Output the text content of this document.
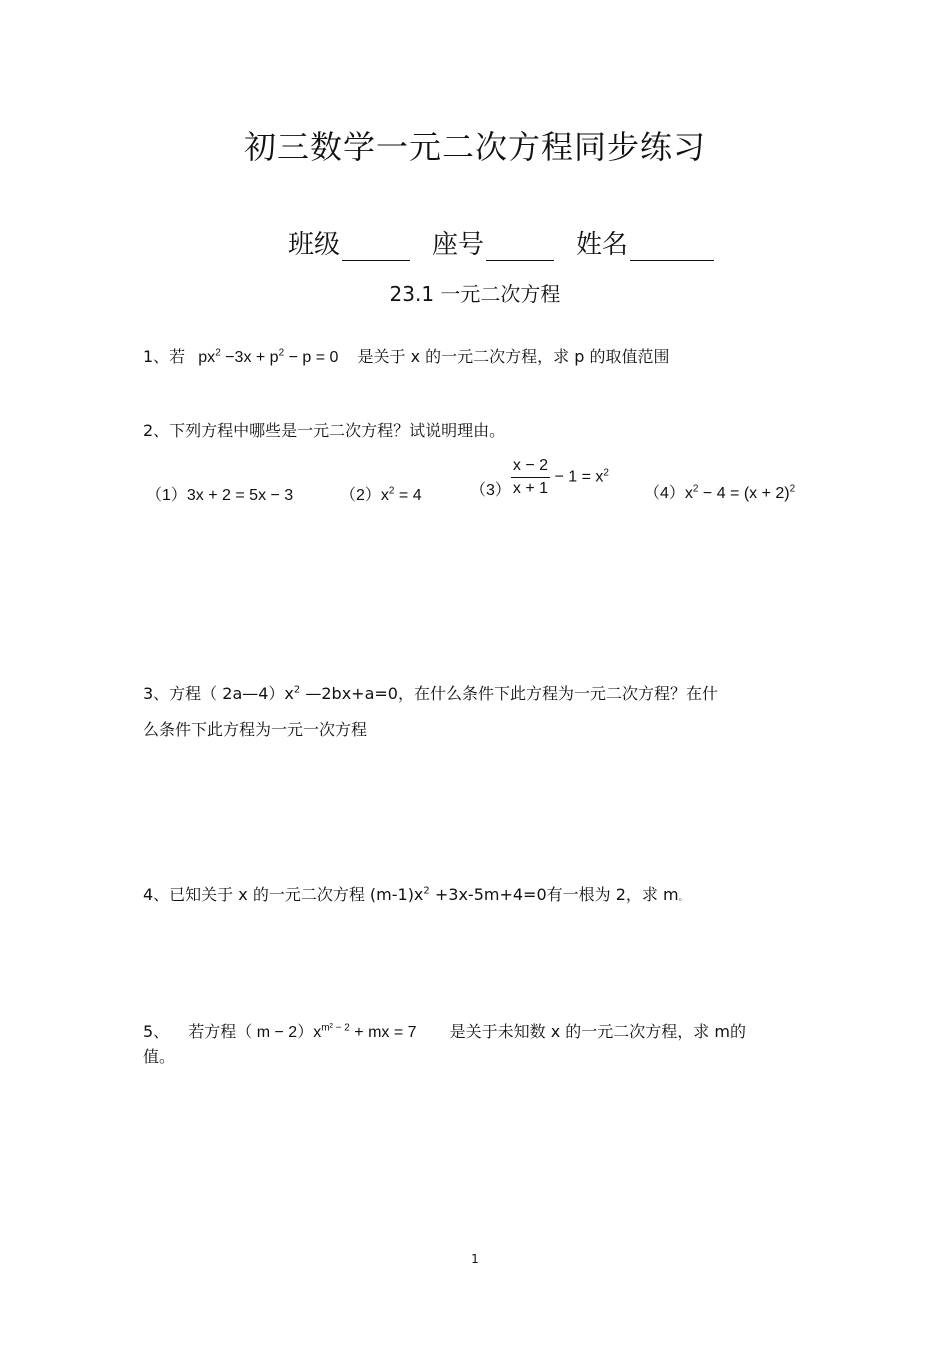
初三数学一元二次方程同步练习
班级	座号	姓名
23.1 一元二次方程
1、若 $px^2 -3x + p^2 - p = 0$ 是关于 x 的一元二次方程，求 p 的取值范围
2、下列方程中哪些是一元二次方程？试说明理由。
（1）3x + 2 = 5x − 3	$(2)x^2 = 4$	$(3) \frac{x - 2}{x + 1} - 1 = x^2$
$(4)x^2 - 4 = (x + 2)^2$
3、方程（ $2a—4)x^2$ —2bx+a=0，在什么条件下此方程为一元二次方程？在什
么条件下此方程为一元一次方程
4、已知关于 x 的一元二次方程 $(m-1)x^2 +3x-5m+4=0$有一根为 2，求 m。
5、 若方程（ $m - 2)x^{m^2 - 2}$ + mx = 7 是关于未知数 x 的一元二次方程，求 m的
值。
1
